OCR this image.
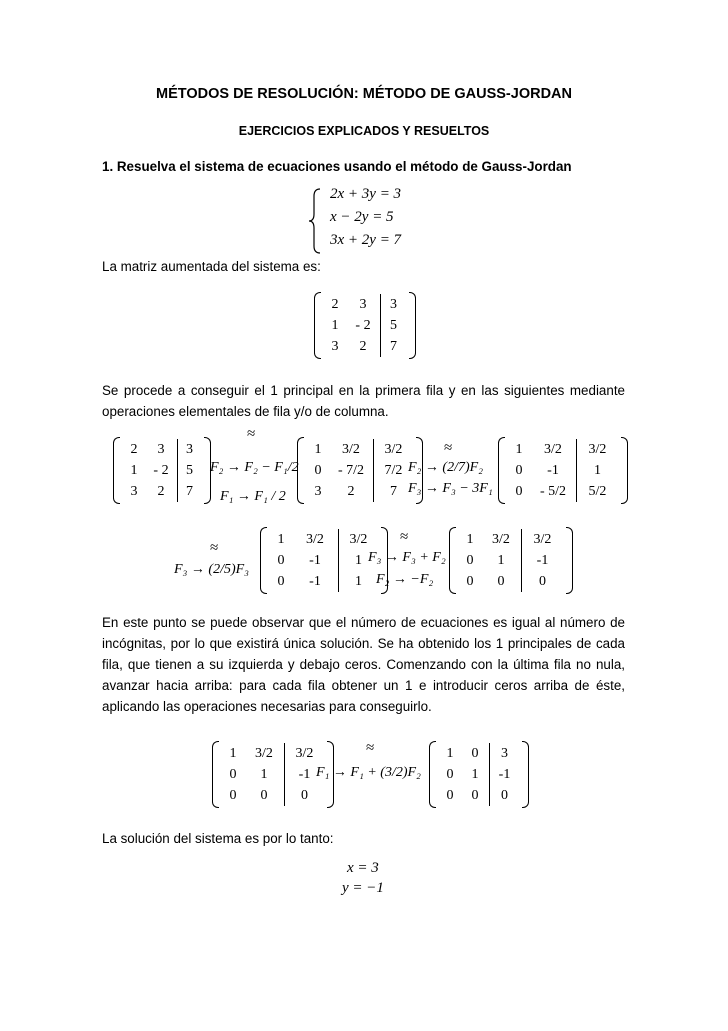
MÉTODOS DE RESOLUCIÓN: MÉTODO DE GAUSS-JORDAN
EJERCICIOS EXPLICADOS Y RESUELTOS
1. Resuelva el sistema de ecuaciones usando el método de Gauss-Jordan
2x + 3y = 3
x − 2y = 5
3x + 2y = 7
La matriz aumentada del sistema es:
2	3	3
1	- 2	5
3	2	7
Se procede a conseguir el 1 principal en la primera fila y en las siguientes mediante operaciones elementales de fila y/o de columna.
2	3	3
1	- 2	5
3	2	7
≈
F₂ → F₂ − F₁/2
F₁ → F₁ / 2
1	3/2	3/2
0	- 7/2	7/2
3	2	7
≈
F₂ → (2/7)F₂
F₃ → F₃ − 3F₁
1	3/2	3/2
0	-1	1
0	- 5/2	5/2
≈
F₃ → (2/5)F₃
1	3/2	3/2
0	-1	1
0	-1	1
≈
F₃ → F₃ + F₂
F₂ → −F₂
1	3/2	3/2
0	1	-1
0	0	0
En este punto se puede observar que el número de ecuaciones es igual al número de incógnitas, por lo que existirá única solución. Se ha obtenido los 1 principales de cada fila, que tienen a su izquierda y debajo ceros. Comenzando con la última fila no nula, avanzar hacia arriba: para cada fila obtener un 1 e introducir ceros arriba de éste, aplicando las operaciones necesarias para conseguirlo.
1	3/2	3/2
0	1	-1
0	0	0
≈
F₁ → F₁ + (3/2)F₂
1	0	3
0	1	-1
0	0	0
La solución del sistema es por lo tanto:
x = 3
y = −1
